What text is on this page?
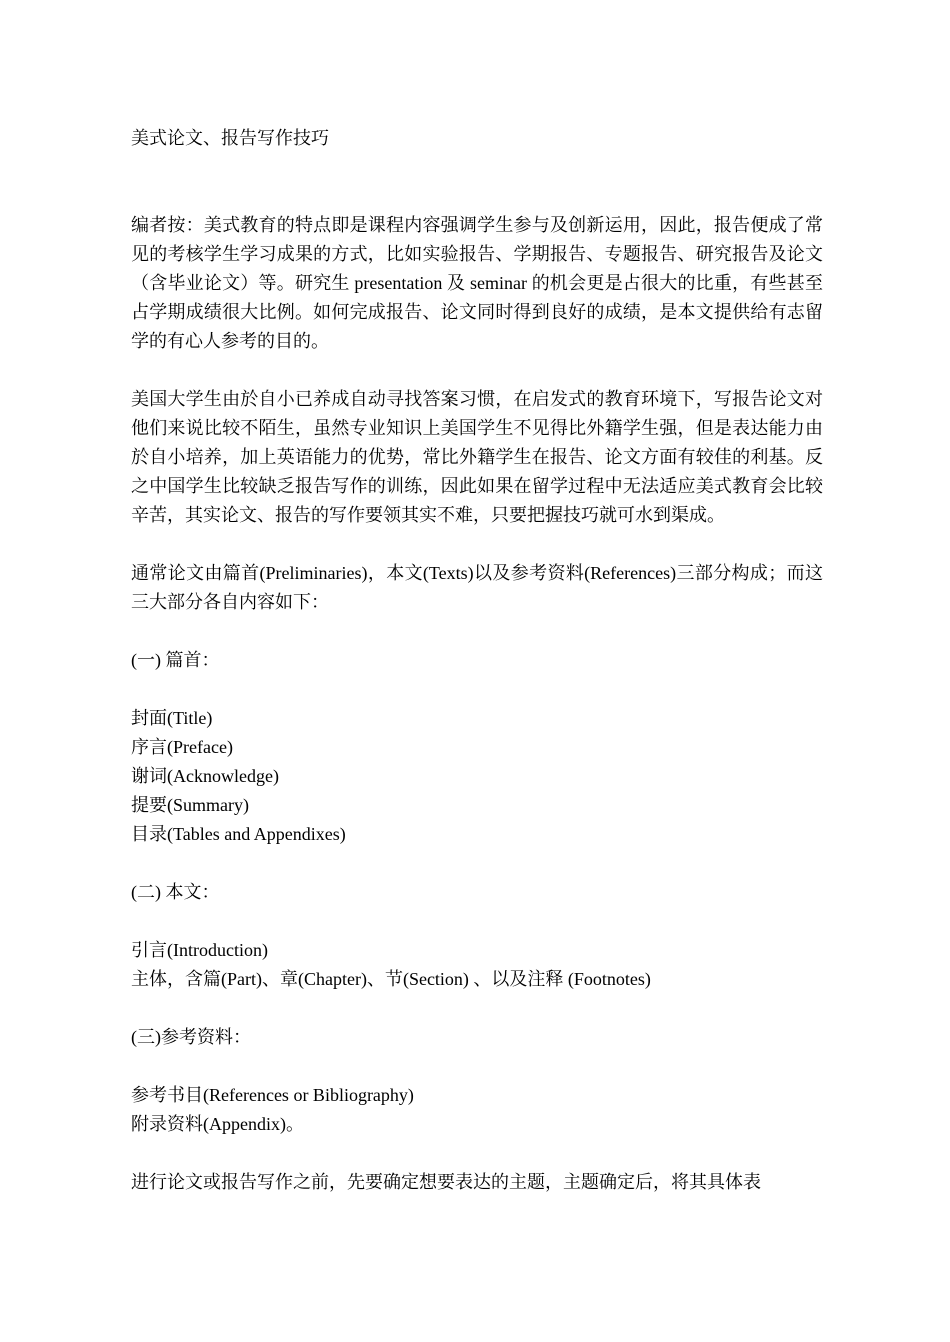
美式论文、报告写作技巧
编者按：美式教育的特点即是课程内容强调学生参与及创新运用，因此，报告便成了常见的考核学生学习成果的方式，比如实验报告、学期报告、专题报告、研究报告及论文（含毕业论文）等。研究生 presentation 及 seminar 的机会更是占很大的比重，有些甚至占学期成绩很大比例。如何完成报告、论文同时得到良好的成绩，是本文提供给有志留学的有心人参考的目的。
美国大学生由於自小已养成自动寻找答案习惯，在启发式的教育环境下，写报告论文对他们来说比较不陌生，虽然专业知识上美国学生不见得比外籍学生强，但是表达能力由於自小培养，加上英语能力的优势，常比外籍学生在报告、论文方面有较佳的利基。反之中国学生比较缺乏报告写作的训练，因此如果在留学过程中无法适应美式教育会比较辛苦，其实论文、报告的写作要领其实不难，只要把握技巧就可水到渠成。
通常论文由篇首(Preliminaries)，本文(Texts)以及参考资料(References)三部分构成；而这三大部分各自内容如下：
(一) 篇首：
封面(Title)
序言(Preface)
谢词(Acknowledge)
提要(Summary)
目录(Tables and Appendixes)
(二) 本文：
引言(Introduction)
主体，含篇(Part)、章(Chapter)、节(Section) 、以及注释 (Footnotes)
(三)参考资料：
参考书目(References or Bibliography)
附录资料(Appendix)。
进行论文或报告写作之前，先要确定想要表达的主题，主题确定后，将其具体表
